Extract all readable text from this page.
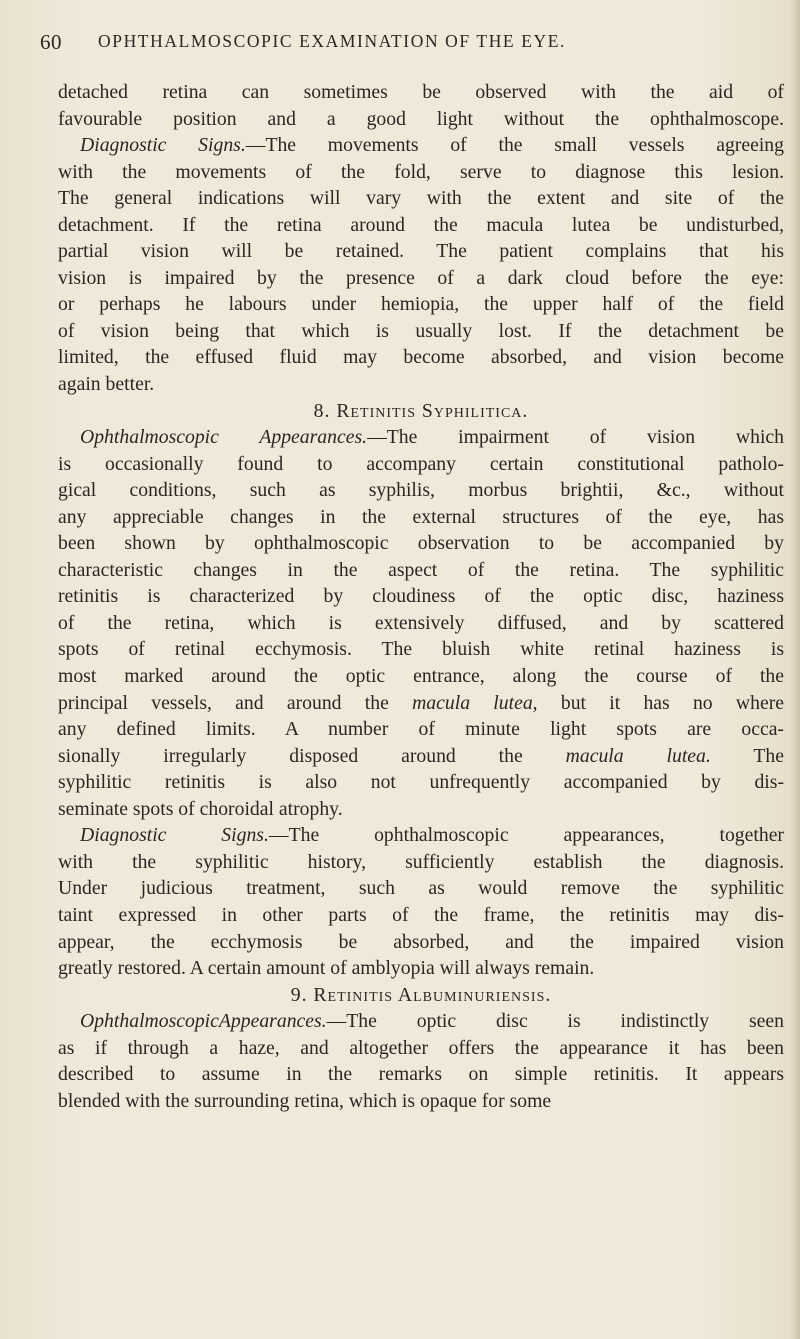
60 OPHTHALMOSCOPIC EXAMINATION OF THE EYE.
detached retina can sometimes be observed with the aid of
favourable position and a good light without the ophthalmoscope.
Diagnostic Signs.—The movements of the small vessels agreeing
with the movements of the fold, serve to diagnose this lesion.
The general indications will vary with the extent and site of the
detachment. If the retina around the macula lutea be undisturbed,
partial vision will be retained. The patient complains that his
vision is impaired by the presence of a dark cloud before the eye:
or perhaps he labours under hemiopia, the upper half of the field
of vision being that which is usually lost. If the detachment be
limited, the effused fluid may become absorbed, and vision become
again better.
8. Retinitis Syphilitica.
Ophthalmoscopic Appearances.—The impairment of vision which
is occasionally found to accompany certain constitutional patholo-
gical conditions, such as syphilis, morbus brightii, &c., without
any appreciable changes in the external structures of the eye, has
been shown by ophthalmoscopic observation to be accompanied by
characteristic changes in the aspect of the retina. The syphilitic
retinitis is characterized by cloudiness of the optic disc, haziness
of the retina, which is extensively diffused, and by scattered
spots of retinal ecchymosis. The bluish white retinal haziness is
most marked around the optic entrance, along the course of the
principal vessels, and around the macula lutea, but it has no where
any defined limits. A number of minute light spots are occa-
sionally irregularly disposed around the macula lutea. The
syphilitic retinitis is also not unfrequently accompanied by dis-
seminate spots of choroidal atrophy.
Diagnostic Signs.—The ophthalmoscopic appearances, together
with the syphilitic history, sufficiently establish the diagnosis.
Under judicious treatment, such as would remove the syphilitic
taint expressed in other parts of the frame, the retinitis may dis-
appear, the ecchymosis be absorbed, and the impaired vision
greatly restored. A certain amount of amblyopia will always remain.
9. Retinitis Albuminuriensis.
OphthalmoscopicAppearances.—The optic disc is indistinctly seen
as if through a haze, and altogether offers the appearance it has been
described to assume in the remarks on simple retinitis. It appears
blended with the surrounding retina, which is opaque for some
